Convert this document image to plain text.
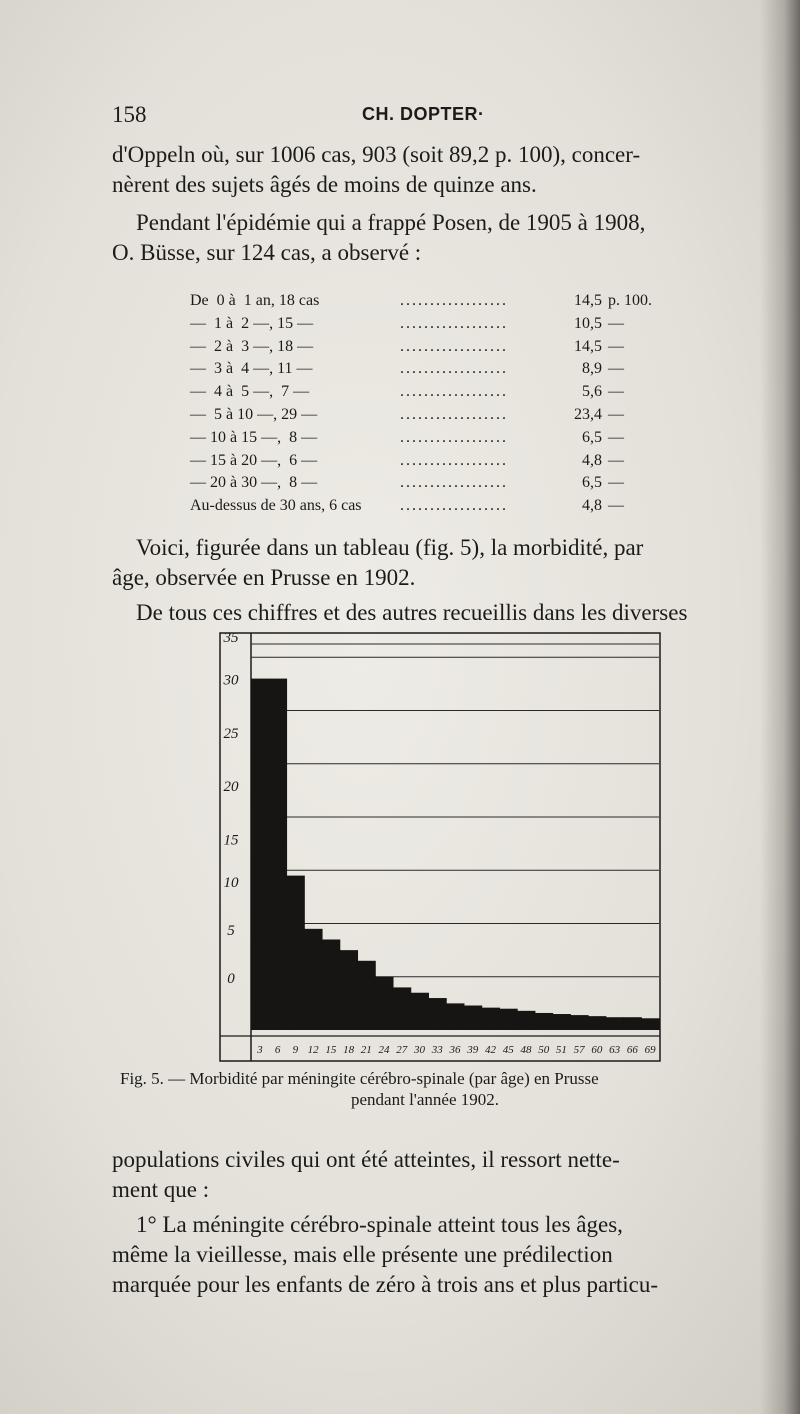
158	CH. DOPTER·
d'Oppeln où, sur 1006 cas, 903 (soit 89,2 p. 100), concer-
nèrent des sujets âgés de moins de quinze ans.
Pendant l'épidémie qui a frappé Posen, de 1905 à 1908,
O. Büsse, sur 124 cas, a observé :
De  0 à  1 an, 18 cas	..................	14,5 p. 100.
—  1 à  2 —, 15 —	..................	10,5 —
—  2 à  3 —, 18 —	..................	14,5 —
—  3 à  4 —, 11 —	..................	8,9 —
—  4 à  5 —,  7 —	..................	5,6 —
—  5 à 10 —, 29 —	..................	23,4 —
— 10 à 15 —,  8 —	..................	6,5 —
— 15 à 20 —,  6 —	..................	4,8 —
— 20 à 30 —,  8 —	..................	6,5 —
Au-dessus de 30 ans, 6 cas ..................	4,8 —
Voici, figurée dans un tableau (fig. 5), la morbidité, par
âge, observée en Prusse en 1902.
De tous ces chiffres et des autres recueillis dans les diverses
35
30
25
20
15
10
5
0
3 6 9 12 15 18 21 24 27 30 33 36 39 42 45 48 50 51 57 60 63 66 69
Fig. 5. — Morbidité par méningite cérébro-spinale (par âge) en Prusse
pendant l'année 1902.
populations civiles qui ont été atteintes, il ressort nette-
ment que :
1° La méningite cérébro-spinale atteint tous les âges,
même la vieillesse, mais elle présente une prédilection
marquée pour les enfants de zéro à trois ans et plus particu-
